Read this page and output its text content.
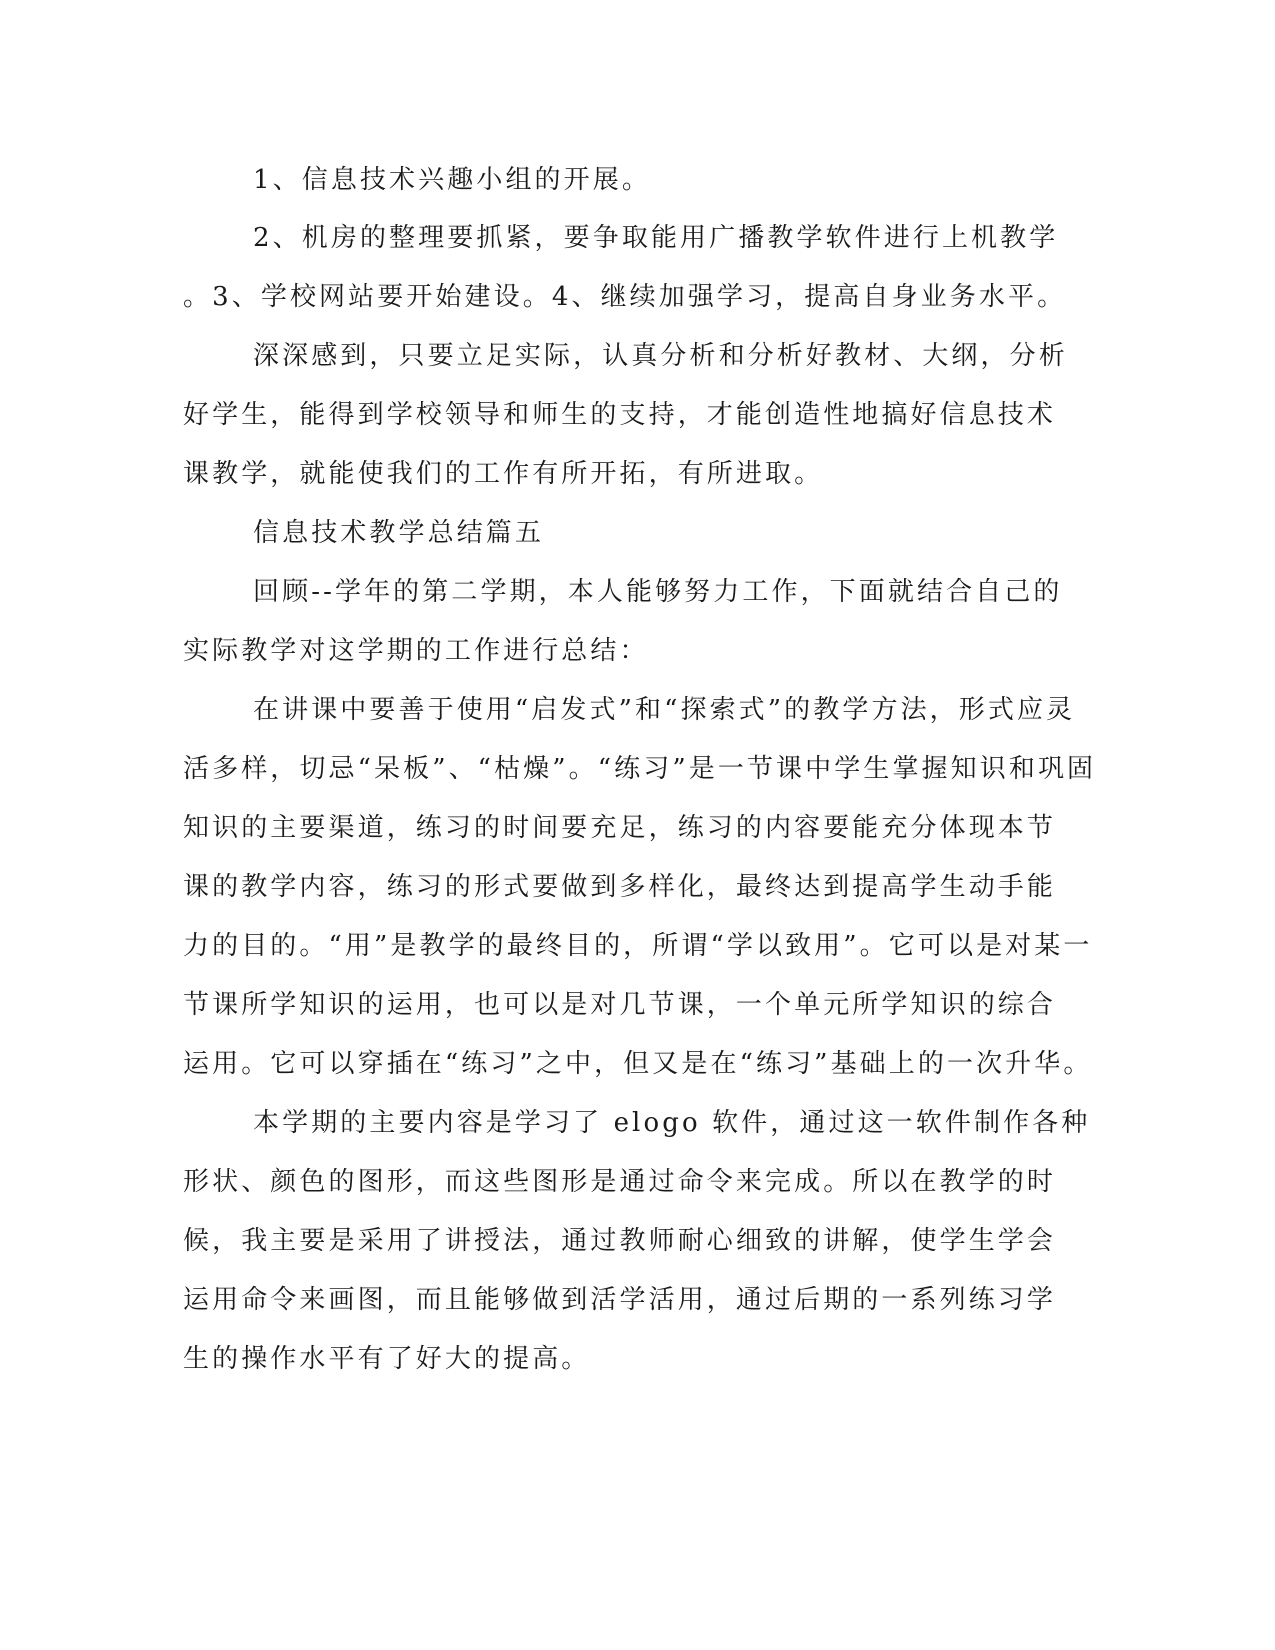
1、信息技术兴趣小组的开展。
2、机房的整理要抓紧，要争取能用广播教学软件进行上机教学
。3、学校网站要开始建设。4、继续加强学习，提高自身业务水平。
深深感到，只要立足实际，认真分析和分析好教材、大纲，分析
好学生，能得到学校领导和师生的支持，才能创造性地搞好信息技术
课教学，就能使我们的工作有所开拓，有所进取。
信息技术教学总结篇五
回顾--学年的第二学期，本人能够努力工作，下面就结合自己的
实际教学对这学期的工作进行总结：
在讲课中要善于使用“启发式”和“探索式”的教学方法，形式应灵
活多样，切忌“呆板”、“枯燥”。“练习”是一节课中学生掌握知识和巩固
知识的主要渠道，练习的时间要充足，练习的内容要能充分体现本节
课的教学内容，练习的形式要做到多样化，最终达到提高学生动手能
力的目的。“用”是教学的最终目的，所谓“学以致用”。它可以是对某一
节课所学知识的运用，也可以是对几节课，一个单元所学知识的综合
运用。它可以穿插在“练习”之中，但又是在“练习”基础上的一次升华。
本学期的主要内容是学习了 elogo 软件，通过这一软件制作各种
形状、颜色的图形，而这些图形是通过命令来完成。所以在教学的时
候，我主要是采用了讲授法，通过教师耐心细致的讲解，使学生学会
运用命令来画图，而且能够做到活学活用，通过后期的一系列练习学
生的操作水平有了好大的提高。
